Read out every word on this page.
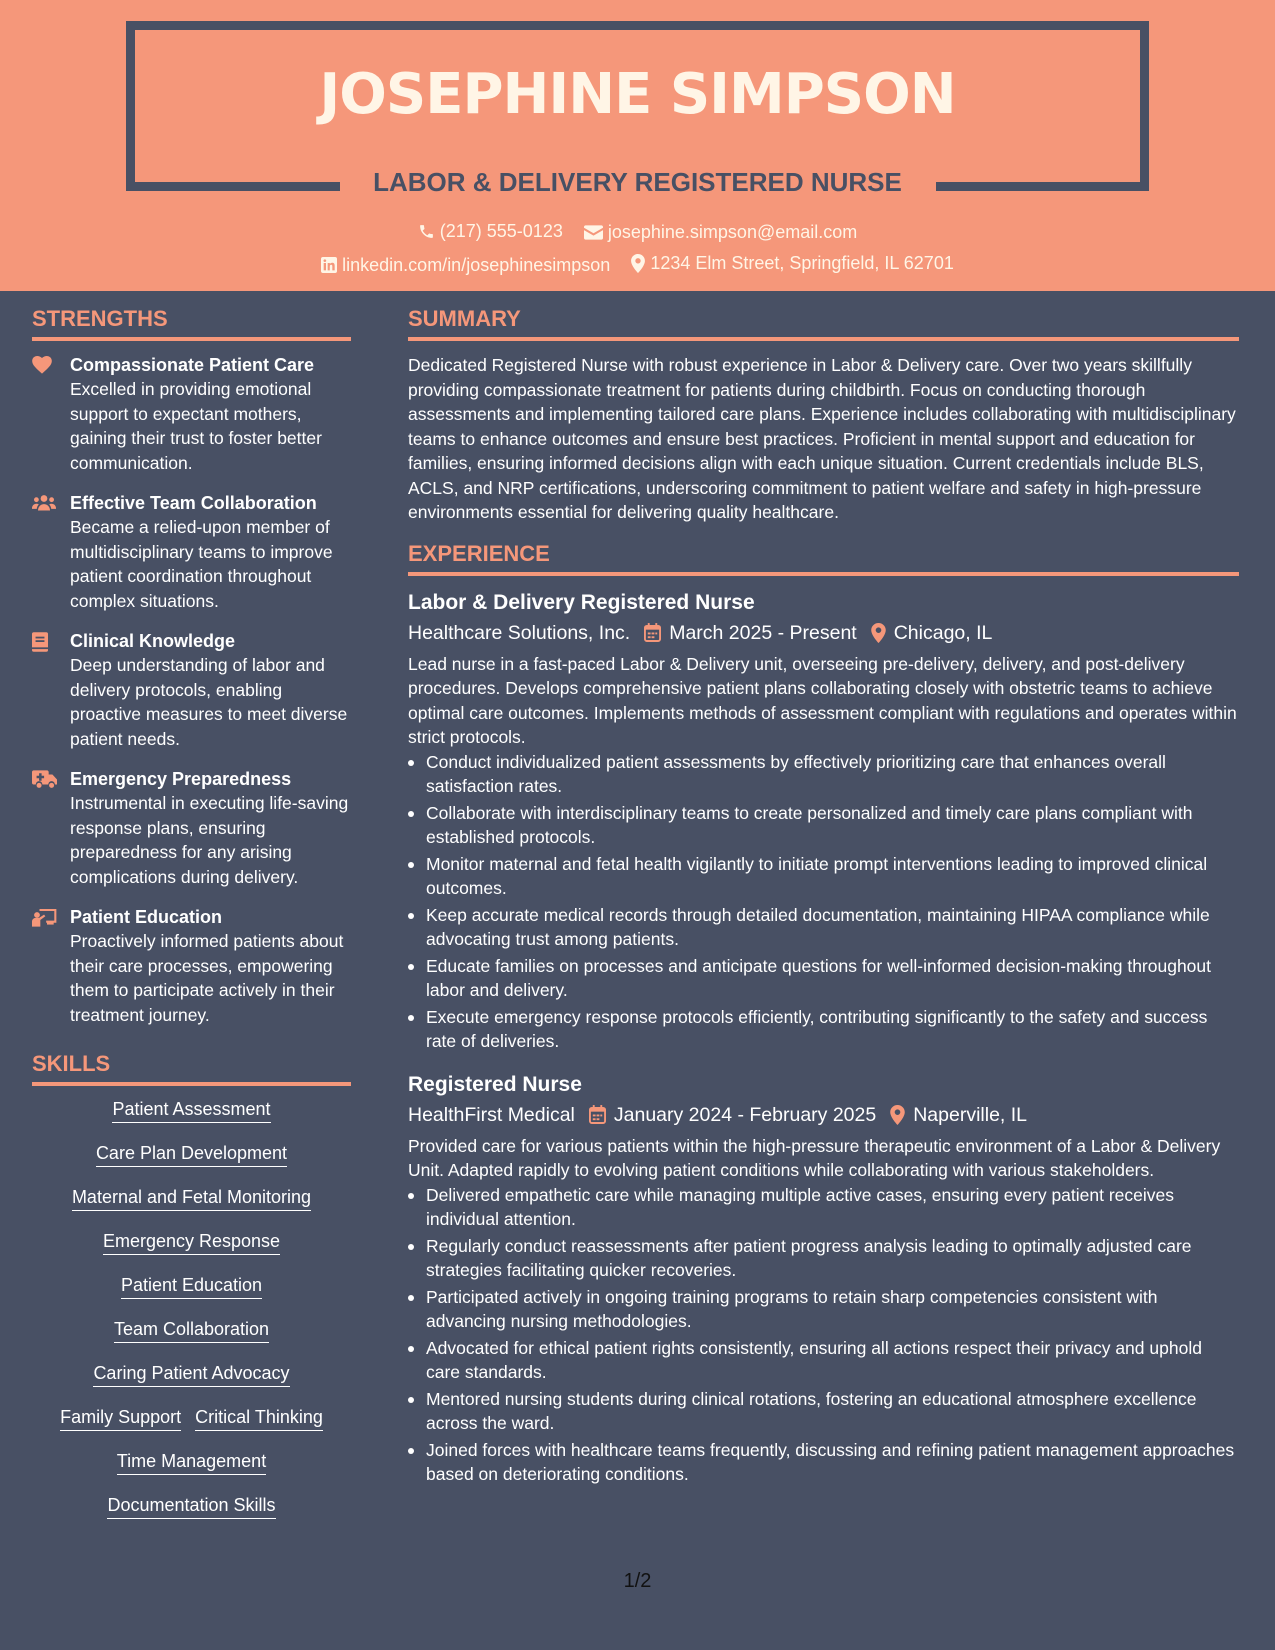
JOSEPHINE SIMPSON
LABOR & DELIVERY REGISTERED NURSE
(217) 555-0123
	josephine.simpson@email.com
linkedin.com/in/josephinesimpson
1234 Elm Street, Springfield, IL 62701
STRENGTHS
Compassionate Patient Care
Excelled in providing emotional support to expectant mothers, gaining their trust to foster better communication.
Effective Team Collaboration
Became a relied-upon member of multidisciplinary teams to improve patient coordination throughout complex situations.
Clinical Knowledge
Deep understanding of labor and delivery protocols, enabling proactive measures to meet diverse patient needs.
Emergency Preparedness
Instrumental in executing life-saving response plans, ensuring preparedness for any arising complications during delivery.
Patient Education
Proactively informed patients about their care processes, empowering them to participate actively in their treatment journey.
SKILLS
Patient Assessment
Care Plan Development
Maternal and Fetal Monitoring
Emergency Response
Patient Education
Team Collaboration
Caring Patient Advocacy
Family Support Critical Thinking
Time Management
Documentation Skills
SUMMARY
Dedicated Registered Nurse with robust experience in Labor & Delivery care. Over two years skillfully providing compassionate treatment for patients during childbirth. Focus on conducting thorough assessments and implementing tailored care plans. Experience includes collaborating with multidisciplinary teams to enhance outcomes and ensure best practices. Proficient in mental support and education for families, ensuring informed decisions align with each unique situation. Current credentials include BLS, ACLS, and NRP certifications, underscoring commitment to patient welfare and safety in high-pressure environments essential for delivering quality healthcare.
EXPERIENCE
Labor & Delivery Registered Nurse
Healthcare Solutions, Inc. March 2025 - Present Chicago, IL
Lead nurse in a fast-paced Labor & Delivery unit, overseeing pre-delivery, delivery, and post-delivery procedures. Develops comprehensive patient plans collaborating closely with obstetric teams to achieve optimal care outcomes. Implements methods of assessment compliant with regulations and operates within strict protocols.
Conduct individualized patient assessments by effectively prioritizing care that enhances overall satisfaction rates.
Collaborate with interdisciplinary teams to create personalized and timely care plans compliant with established protocols.
Monitor maternal and fetal health vigilantly to initiate prompt interventions leading to improved clinical outcomes.
Keep accurate medical records through detailed documentation, maintaining HIPAA compliance while advocating trust among patients.
Educate families on processes and anticipate questions for well-informed decision-making throughout labor and delivery.
Execute emergency response protocols efficiently, contributing significantly to the safety and success rate of deliveries.
Registered Nurse
HealthFirst Medical January 2024 - February 2025 Naperville, IL
Provided care for various patients within the high-pressure therapeutic environment of a Labor & Delivery Unit. Adapted rapidly to evolving patient conditions while collaborating with various stakeholders.
Delivered empathetic care while managing multiple active cases, ensuring every patient receives individual attention.
Regularly conduct reassessments after patient progress analysis leading to optimally adjusted care strategies facilitating quicker recoveries.
Participated actively in ongoing training programs to retain sharp competencies consistent with advancing nursing methodologies.
Advocated for ethical patient rights consistently, ensuring all actions respect their privacy and uphold care standards.
Mentored nursing students during clinical rotations, fostering an educational atmosphere excellence across the ward.
Joined forces with healthcare teams frequently, discussing and refining patient management approaches based on deteriorating conditions.
1/2
